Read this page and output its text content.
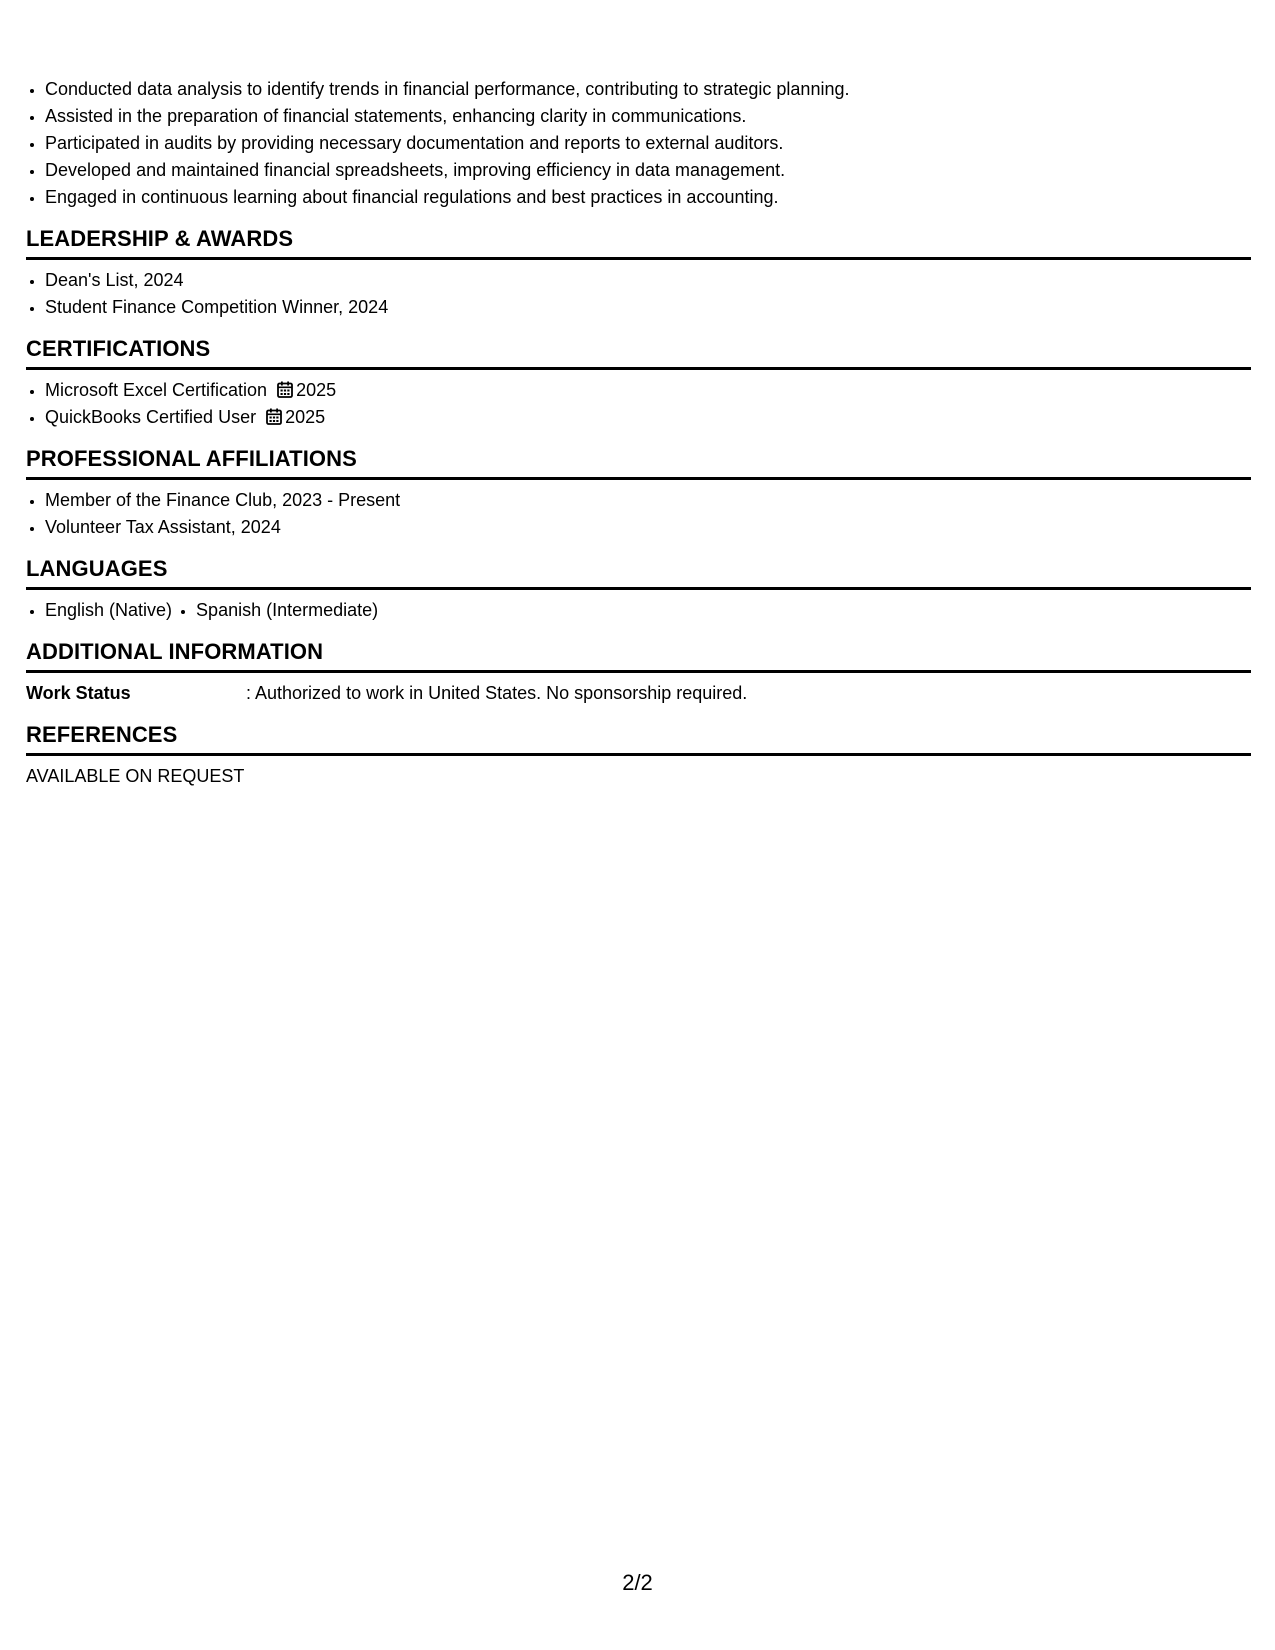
• Conducted data analysis to identify trends in financial performance, contributing to strategic planning.
• Assisted in the preparation of financial statements, enhancing clarity in communications.
• Participated in audits by providing necessary documentation and reports to external auditors.
• Developed and maintained financial spreadsheets, improving efficiency in data management.
• Engaged in continuous learning about financial regulations and best practices in accounting.
LEADERSHIP & AWARDS
• Dean's List, 2024
• Student Finance Competition Winner, 2024
CERTIFICATIONS
• Microsoft Excel Certification 2025
• QuickBooks Certified User 2025
PROFESSIONAL AFFILIATIONS
• Member of the Finance Club, 2023 - Present
• Volunteer Tax Assistant, 2024
LANGUAGES
• English (Native)
• Spanish (Intermediate)
ADDITIONAL INFORMATION
Work Status	: Authorized to work in United States. No sponsorship required.
REFERENCES
AVAILABLE ON REQUEST
2/2
